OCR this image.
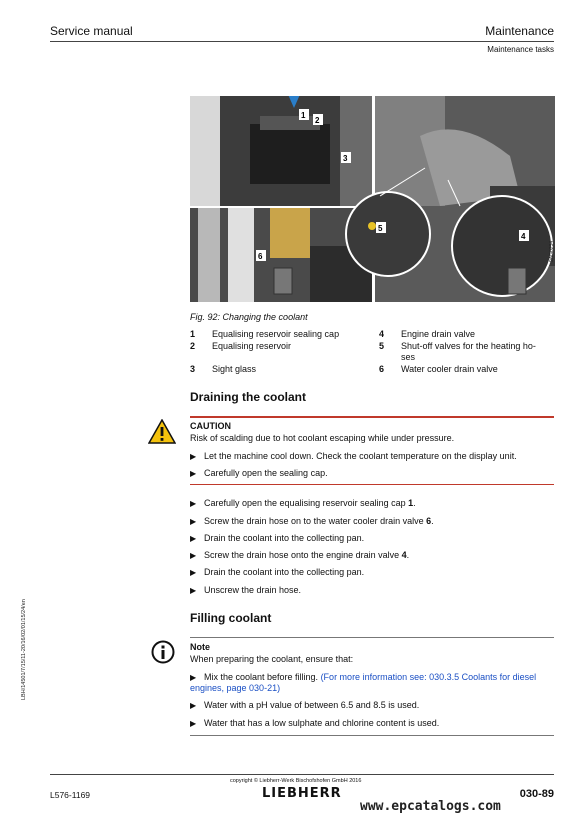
Service manual	Maintenance
Maintenance tasks
LBH/14501/7/15/11-20/16/02/01/15/24/en
1
2
3
4
5
6	9AG0234
Fig. 92: Changing the coolant
1 Equalising reservoir sealing cap
2 Equalising reservoir
3 Sight glass
4 Engine drain valve
5 Shut-off valves for the heating ho-
ses
6 Water cooler drain valve
Draining the coolant
CAUTION
Risk of scalding due to hot coolant escaping while under pressure.
▶ Let the machine cool down. Check the coolant temperature on the display unit.
▶ Carefully open the sealing cap.
▶ Carefully open the equalising reservoir sealing cap 1.
▶ Screw the drain hose on to the water cooler drain valve 6.
▶ Drain the coolant into the collecting pan.
▶ Screw the drain hose onto the engine drain valve 4.
▶ Drain the coolant into the collecting pan.
▶ Unscrew the drain hose.
Filling coolant
Note
When preparing the coolant, ensure that:
▶ Mix the coolant before filling. (For more information see: 030.3.5 Coolants for diesel engines, page 030-21)
▶ Water with a pH value of between 6.5 and 8.5 is used.
▶ Water that has a low sulphate and chlorine content is used.
copyright © Liebherr-Werk Bischofshofen GmbH 2016
L576-1169	LIEBHERR	030-89
www.epcatalogs.com
